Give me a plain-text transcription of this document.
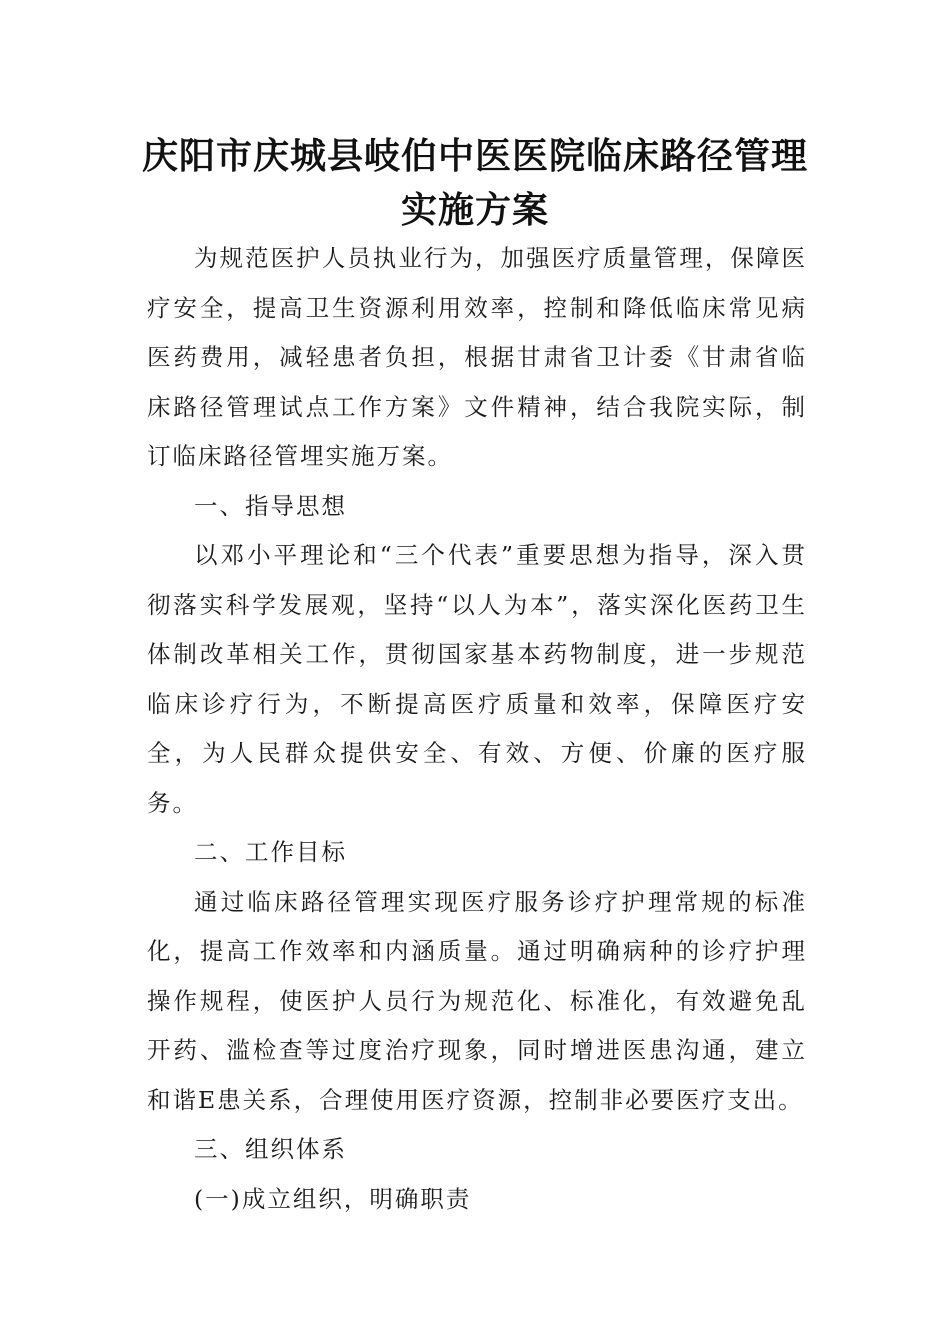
庆阳市庆城县岐伯中医医院临床路径管理
实施方案

为规范医护人员执业行为，加强医疗质量管理，保障医疗安全，提高卫生资源利用效率，控制和降低临床常见病医药费用，减轻患者负担，根据甘肃省卫计委《甘肃省临床路径管理试点工作方案》文件精神，结合我院实际，制订临床路径管埋实施万案。

一、指导思想

以邓小平理论和“三个代表”重要思想为指导，深入贯彻落实科学发展观，坚持“以人为本”，落实深化医药卫生体制改革相关工作，贯彻国家基本药物制度，进一步规范临床诊疗行为，不断提高医疗质量和效率，保障医疗安全，为人民群众提供安全、有效、方便、价廉的医疗服务。

二、工作目标

通过临床路径管理实现医疗服务诊疗护理常规的标准化，提高工作效率和内涵质量。通过明确病种的诊疗护理操作规程，使医护人员行为规范化、标准化，有效避免乱开药、滥检查等过度治疗现象，同时增进医患沟通，建立和谐E患关系，合理使用医疗资源，控制非必要医疗支出。

三、组织体系

(一)成立组织，明确职责
